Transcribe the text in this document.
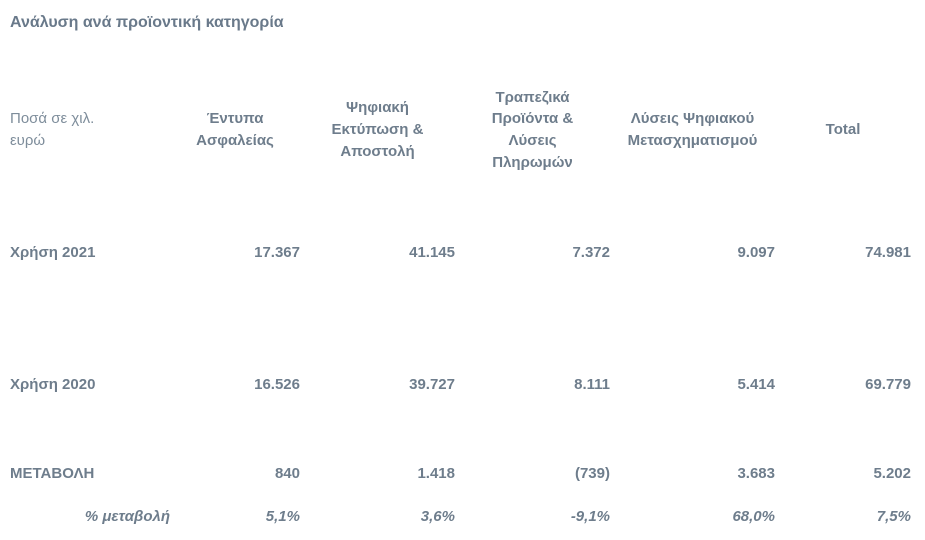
Ανάλυση ανά προϊοντική κατηγορία
Ποσά σε χιλ. ευρώ	Έντυπα Ασφαλείας	Ψηφιακή Εκτύπωση & Αποστολή	Τραπεζικά Προϊόντα & Λύσεις Πληρωμών	Λύσεις Ψηφιακού Μετασχηματισμού	Total
Χρήση 2021	17.367	41.145	7.372	9.097	74.981
Χρήση 2020	16.526	39.727	8.111	5.414	69.779
ΜΕΤΑΒΟΛΗ	840	1.418	(739)	3.683	5.202
% μεταβολή	5,1%	3,6%	-9,1%	68,0%	7,5%
